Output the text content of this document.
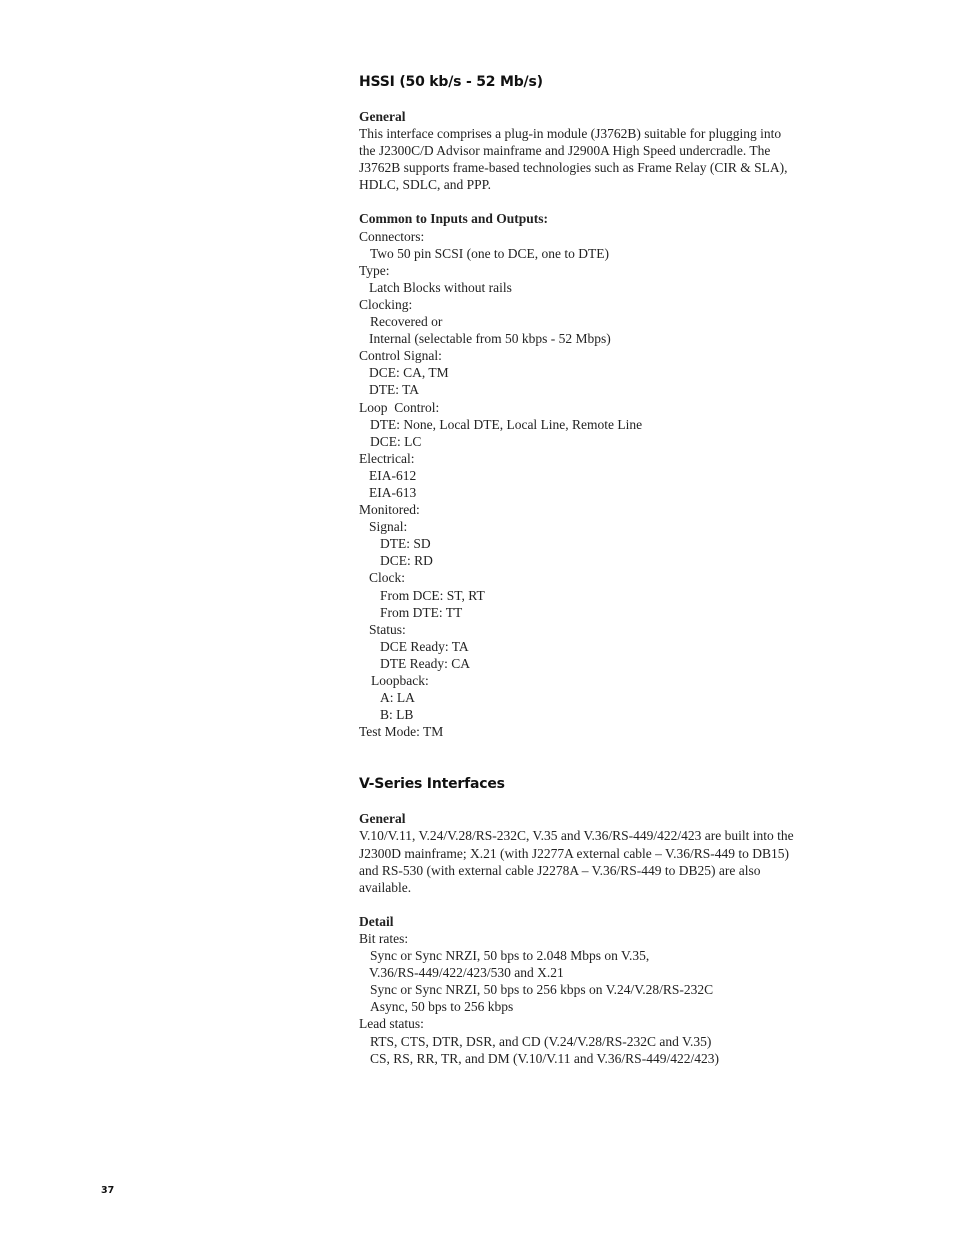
HSSI (50 kb/s - 52 Mb/s)
General
This interface comprises a plug-in module (J3762B) suitable for plugging into
the J2300C/D Advisor mainframe and J2900A High Speed undercradle. The
J3762B supports frame-based technologies such as Frame Relay (CIR & SLA),
HDLC, SDLC, and PPP.
Common to Inputs and Outputs:
Connectors:
Two 50 pin SCSI (one to DCE, one to DTE)
Type:
Latch Blocks without rails
Clocking:
Recovered or
Internal (selectable from 50 kbps - 52 Mbps)
Control Signal:
DCE: CA, TM
DTE: TA
Loop  Control:
DTE: None, Local DTE, Local Line, Remote Line
DCE: LC
Electrical:
EIA-612
EIA-613
Monitored:
Signal:
DTE: SD
DCE: RD
Clock:
From DCE: ST, RT
From DTE: TT
Status:
DCE Ready: TA
DTE Ready: CA
Loopback:
A: LA
B: LB
Test Mode: TM
V-Series Interfaces
General
V.10/V.11, V.24/V.28/RS-232C, V.35 and V.36/RS-449/422/423 are built into the
J2300D mainframe; X.21 (with J2277A external cable – V.36/RS-449 to DB15)
and RS-530 (with external cable J2278A – V.36/RS-449 to DB25) are also
available.
Detail
Bit rates:
Sync or Sync NRZI, 50 bps to 2.048 Mbps on V.35,
V.36/RS-449/422/423/530 and X.21
Sync or Sync NRZI, 50 bps to 256 kbps on V.24/V.28/RS-232C
Async, 50 bps to 256 kbps
Lead status:
RTS, CTS, DTR, DSR, and CD (V.24/V.28/RS-232C and V.35)
CS, RS, RR, TR, and DM (V.10/V.11 and V.36/RS-449/422/423)
37
